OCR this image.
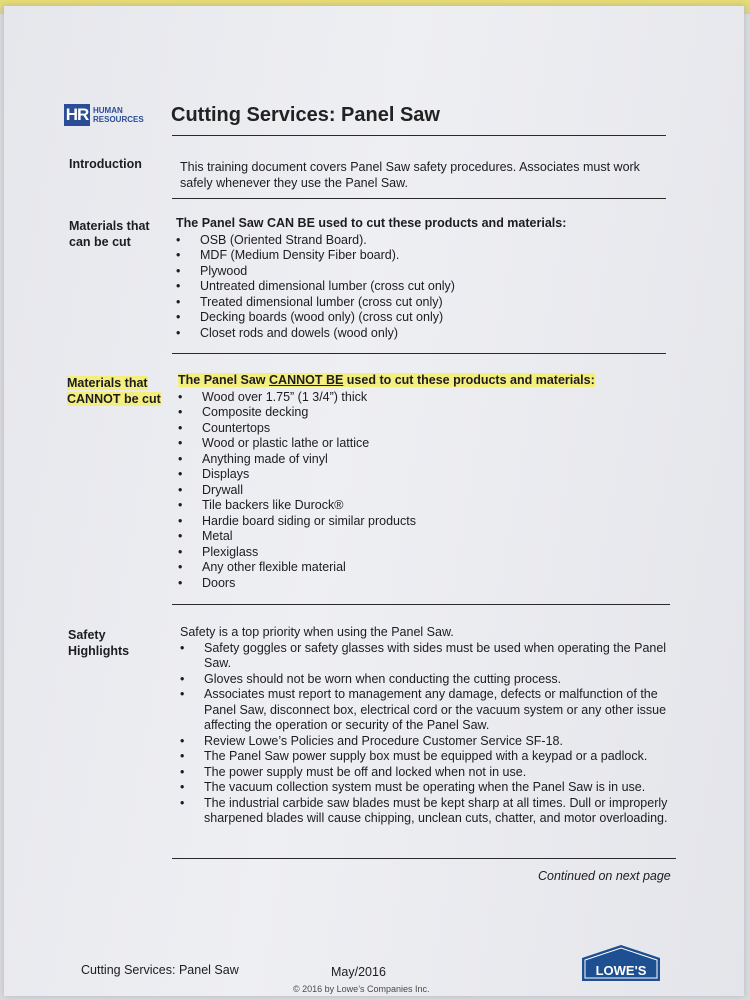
HR HUMAN RESOURCES	Cutting Services: Panel Saw
Introduction	This training document covers Panel Saw safety procedures. Associates must work safely whenever they use the Panel Saw.
Materials that can be cut
The Panel Saw CAN BE used to cut these products and materials:
• OSB (Oriented Strand Board).
• MDF (Medium Density Fiber board).
• Plywood
• Untreated dimensional lumber (cross cut only)
• Treated dimensional lumber (cross cut only)
• Decking boards (wood only) (cross cut only)
• Closet rods and dowels (wood only)
Materials that CANNOT be cut
The Panel Saw CANNOT BE used to cut these products and materials:
• Wood over 1.75” (1 3/4”) thick
• Composite decking
• Countertops
• Wood or plastic lathe or lattice
• Anything made of vinyl
• Displays
• Drywall
• Tile backers like Durock®
• Hardie board siding or similar products
• Metal
• Plexiglass
• Any other flexible material
• Doors
Safety Highlights
Safety is a top priority when using the Panel Saw.
• Safety goggles or safety glasses with sides must be used when operating the Panel Saw.
• Gloves should not be worn when conducting the cutting process.
• Associates must report to management any damage, defects or malfunction of the Panel Saw, disconnect box, electrical cord or the vacuum system or any other issue affecting the operation or security of the Panel Saw.
• Review Lowe’s Policies and Procedure Customer Service SF-18.
• The Panel Saw power supply box must be equipped with a keypad or a padlock.
• The power supply must be off and locked when not in use.
• The vacuum collection system must be operating when the Panel Saw is in use.
• The industrial carbide saw blades must be kept sharp at all times. Dull or improperly sharpened blades will cause chipping, unclean cuts, chatter, and motor overloading.
Continued on next page
Cutting Services: Panel Saw	May/2016
© 2016 by Lowe’s Companies Inc.
LOWE'S
